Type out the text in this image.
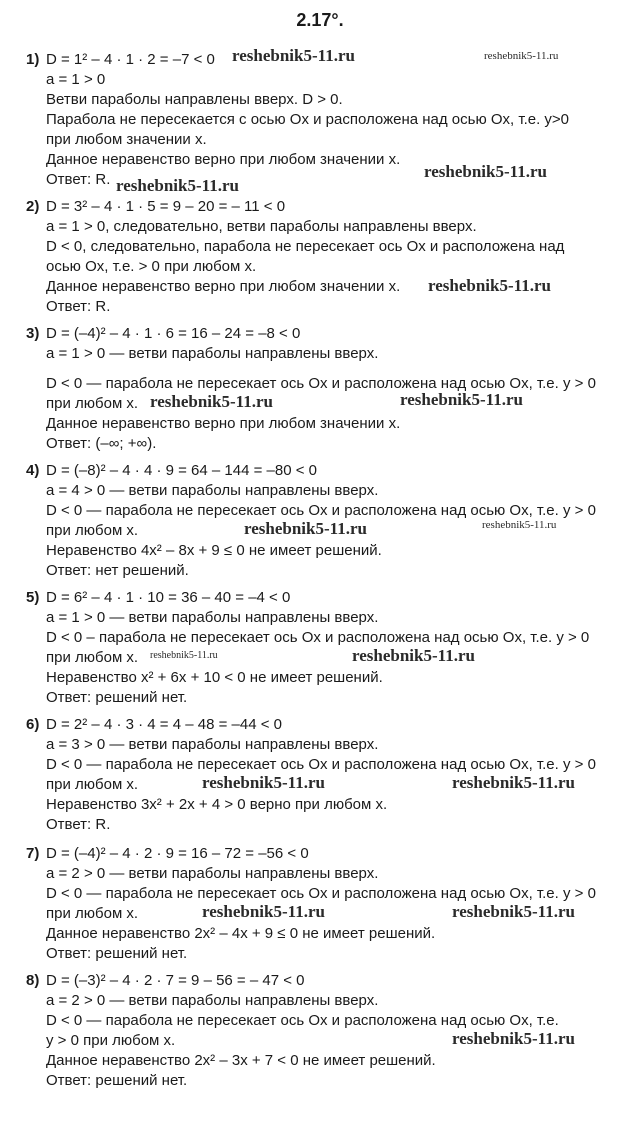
2.17°.
1) D = 1² – 4 · 1 · 2 = –7 < 0
a = 1 > 0
Ветви параболы направлены вверх. D > 0.
Парабола не пересекается с осью Ox и расположена над осью Ox, т.е. y>0
при любом значении x.
Данное неравенство верно при любом значении x.
Ответ: R.
2) D = 3² – 4 · 1 · 5 = 9 – 20 = – 11 < 0
a = 1 > 0, следовательно, ветви параболы направлены вверх.
D < 0, следовательно, парабола не пересекает ось Ox и расположена над
осью Ox, т.е. > 0 при любом x.
Данное неравенство верно при любом значении x.
Ответ: R.
3) D = (–4)² – 4 · 1 · 6 = 16 – 24 = –8 < 0
a = 1 > 0 — ветви параболы направлены вверх.
D < 0 — парабола не пересекает ось Ox и расположена над осью Ox, т.е. y > 0
при любом x.
Данное неравенство верно при любом значении x.
Ответ: (–∞; +∞).
4) D = (–8)² – 4 · 4 · 9 = 64 – 144 = –80 < 0
a = 4 > 0 — ветви параболы направлены вверх.
D < 0 — парабола не пересекает ось Ox и расположена над осью Ox, т.е. y > 0
при любом x.
Неравенство 4x² – 8x + 9 ≤ 0 не имеет решений.
Ответ: нет решений.
5) D = 6² – 4 · 1 · 10 = 36 – 40 = –4 < 0
a = 1 > 0 — ветви параболы направлены вверх.
D < 0 – парабола не пересекает ось Ox и расположена над осью Ox, т.е. y > 0
при любом x.
Неравенство x² + 6x + 10 < 0 не имеет решений.
Ответ: решений нет.
6) D = 2² – 4 · 3 · 4 = 4 – 48 = –44 < 0
a = 3 > 0 — ветви параболы направлены вверх.
D < 0 — парабола не пересекает ось Ox и расположена над осью Ox, т.е. y > 0
при любом x.
Неравенство 3x² + 2x + 4 > 0 верно при любом x.
Ответ: R.
7) D = (–4)² – 4 · 2 · 9 = 16 – 72 = –56 < 0
a = 2 > 0 — ветви параболы направлены вверх.
D < 0 — парабола не пересекает ось Ox и расположена над осью Ox, т.е. y > 0
при любом x.
Данное неравенство 2x² – 4x + 9 ≤ 0 не имеет решений.
Ответ: решений нет.
8) D = (–3)² – 4 · 2 · 7 = 9 – 56 = – 47 < 0
a = 2 > 0 — ветви параболы направлены вверх.
D < 0 — парабола не пересекает ось Ox и расположена над осью Ox, т.е.
y > 0 при любом x.
Данное неравенство 2x² – 3x + 7 < 0 не имеет решений.
Ответ: решений нет.
reshebnik5-11.ru	reshebnik5-11.ru
reshebnik5-11.ru
reshebnik5-11.ru
reshebnik5-11.ru
reshebnik5-11.ru	reshebnik5-11.ru
reshebnik5-11.ru	reshebnik5-11.ru
reshebnik5-11.ru	reshebnik5-11.ru
reshebnik5-11.ru	reshebnik5-11.ru
reshebnik5-11.ru	reshebnik5-11.ru
reshebnik5-11.ru
